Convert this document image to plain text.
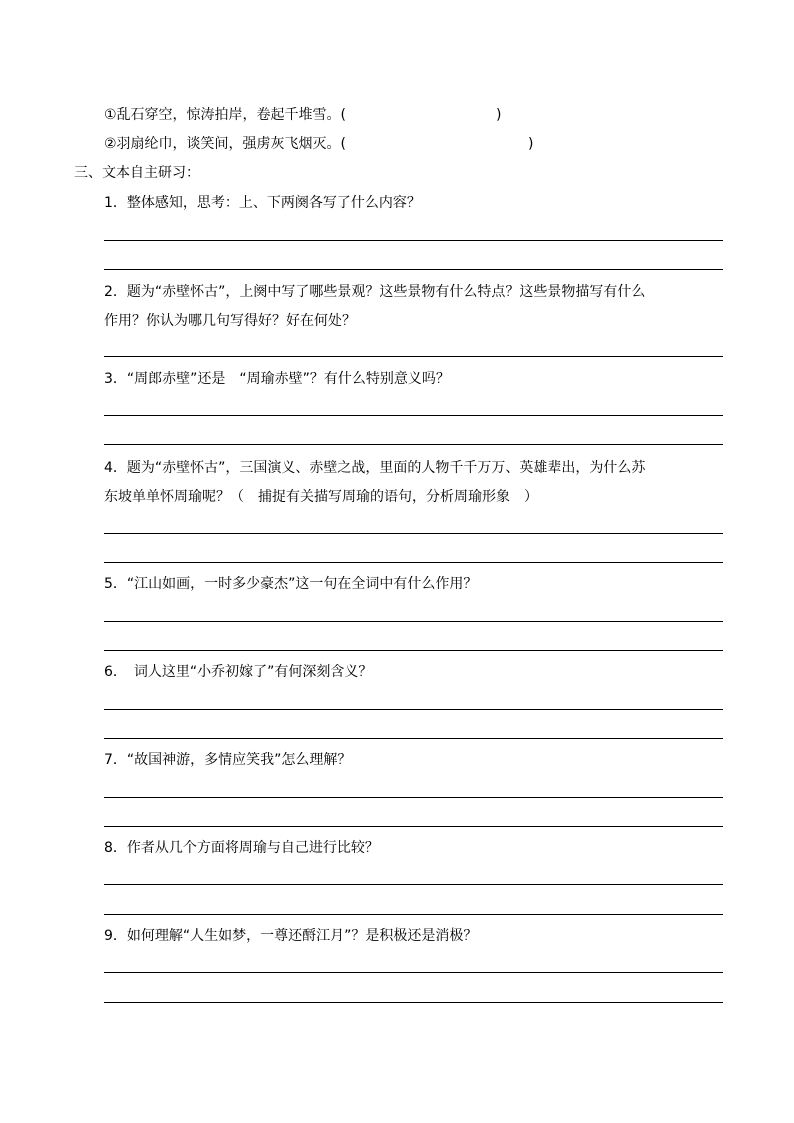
①乱石穿空，惊涛拍岸，卷起千堆雪。(	)
②羽扇纶巾，谈笑间，强虏灰飞烟灭。(	)
三、文本自主研习：
1．整体感知，思考：上、下两阕各写了什么内容？
2．题为“赤壁怀古”，上阕中写了哪些景观？这些景物有什么特点？这些景物描写有什么
作用？你认为哪几句写得好？好在何处？
3．“周郎赤壁”还是　“周瑜赤壁”？有什么特别意义吗？
4．题为“赤壁怀古”，三国演义、赤壁之战，里面的人物千千万万、英雄辈出，为什么苏
东坡单单怀周瑜呢？（　捕捉有关描写周瑜的语句，分析周瑜形象　）
5．“江山如画，一时多少豪杰”这一句在全词中有什么作用？
6．　词人这里“小乔初嫁了”有何深刻含义？
7．“故国神游，多情应笑我”怎么理解？
8．作者从几个方面将周瑜与自己进行比较？
9．如何理解“人生如梦，一尊还酹江月”？是积极还是消极？
